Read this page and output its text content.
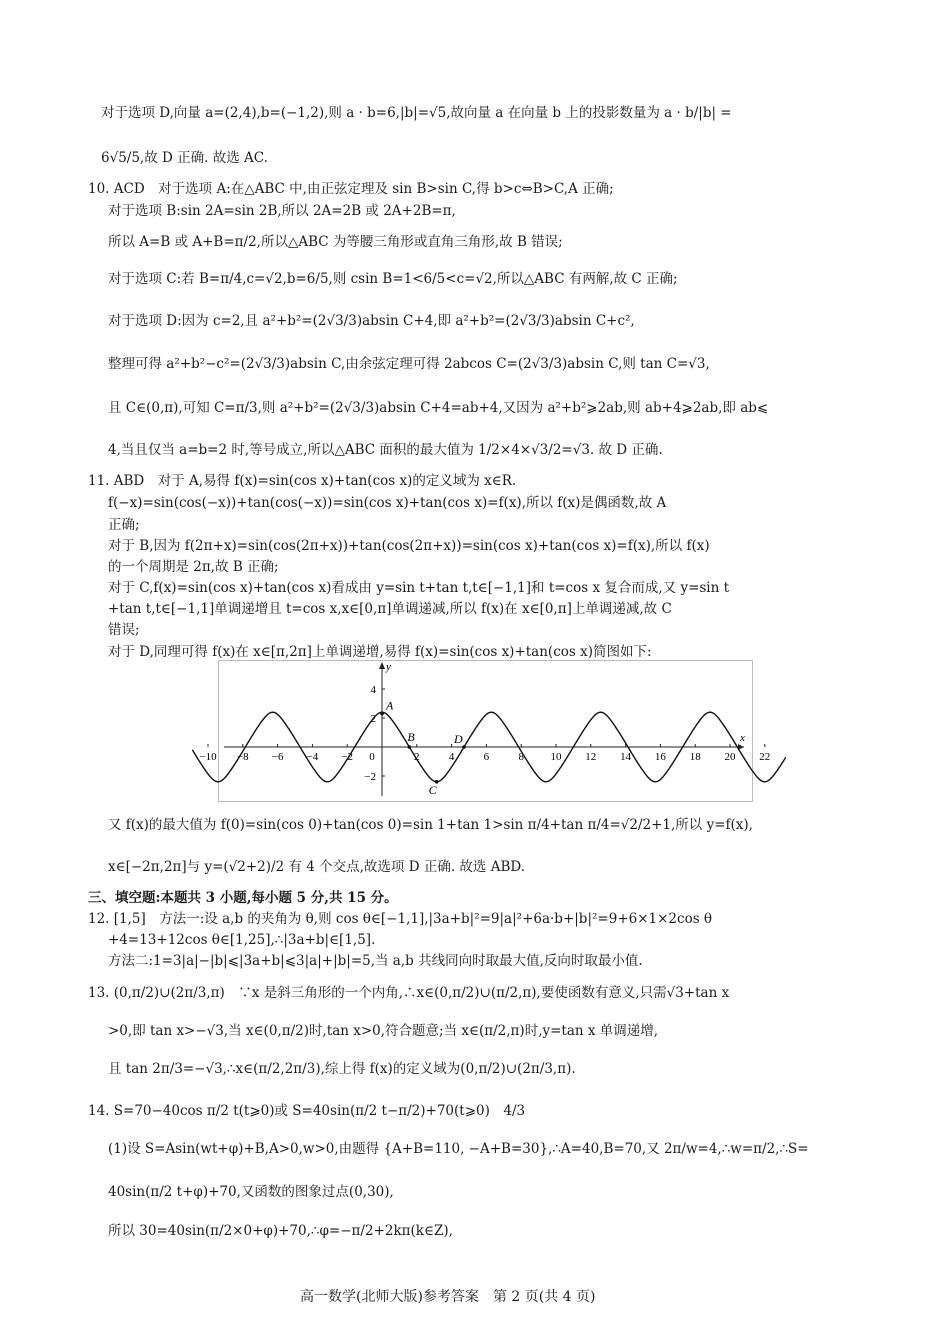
对于选项 D,向量 a=(2,4),b=(−1,2),则 a · b=6,|b|=√5,故向量 a 在向量 b 上的投影数量为 a · b/|b| =
6√5/5,故 D 正确. 故选 AC.
10. ACD　对于选项 A:在△ABC 中,由正弦定理及 sin B>sin C,得 b>c⇔B>C,A 正确;
对于选项 B:sin 2A=sin 2B,所以 2A=2B 或 2A+2B=π,
所以 A=B 或 A+B=π/2,所以△ABC 为等腰三角形或直角三角形,故 B 错误;
对于选项 C:若 B=π/4,c=√2,b=6/5,则 csin B=1<6/5<c=√2,所以△ABC 有两解,故 C 正确;
对于选项 D:因为 c=2,且 a²+b²=(2√3/3)absin C+4,即 a²+b²=(2√3/3)absin C+c²,
整理可得 a²+b²−c²=(2√3/3)absin C,由余弦定理可得 2abcos C=(2√3/3)absin C,则 tan C=√3,
且 C∈(0,π),可知 C=π/3,则 a²+b²=(2√3/3)absin C+4=ab+4,又因为 a²+b²⩾2ab,则 ab+4⩾2ab,即 ab⩽
4,当且仅当 a=b=2 时,等号成立,所以△ABC 面积的最大值为 1/2×4×√3/2=√3. 故 D 正确.
11. ABD　对于 A,易得 f(x)=sin(cos x)+tan(cos x)的定义域为 x∈R.
f(−x)=sin(cos(−x))+tan(cos(−x))=sin(cos x)+tan(cos x)=f(x),所以 f(x)是偶函数,故 A
正确;
对于 B,因为 f(2π+x)=sin(cos(2π+x))+tan(cos(2π+x))=sin(cos x)+tan(cos x)=f(x),所以 f(x)
的一个周期是 2π,故 B 正确;
对于 C,f(x)=sin(cos x)+tan(cos x)看成由 y=sin t+tan t,t∈[−1,1]和 t=cos x 复合而成,又 y=sin t
+tan t,t∈[−1,1]单调递增且 t=cos x,x∈[0,π]单调递减,所以 f(x)在 x∈[0,π]上单调递减,故 C
错误;
对于 D,同理可得 f(x)在 x∈[π,2π]上单调递增,易得 f(x)=sin(cos x)+tan(cos x)简图如下:
x
y
−10 −8 −6 −4 −2 0	2	4	6	8 10 12 14 16 18 20 22
4
2
−2
A
B
C
D
又 f(x)的最大值为 f(0)=sin(cos 0)+tan(cos 0)=sin 1+tan 1>sin π/4+tan π/4=√2/2+1,所以 y=f(x),
x∈[−2π,2π]与 y=(√2+2)/2 有 4 个交点,故选项 D 正确. 故选 ABD.
三、填空题:本题共 3 小题,每小题 5 分,共 15 分。
12. [1,5]　方法一:设 a,b 的夹角为 θ,则 cos θ∈[−1,1],|3a+b|²=9|a|²+6a·b+|b|²=9+6×1×2cos θ
+4=13+12cos θ∈[1,25],∴|3a+b|∈[1,5].
方法二:1=3|a|−|b|⩽|3a+b|⩽3|a|+|b|=5,当 a,b 共线同向时取最大值,反向时取最小值.
13. (0,π/2)∪(2π/3,π)　∵x 是斜三角形的一个内角,∴x∈(0,π/2)∪(π/2,π),要使函数有意义,只需√3+tan x
>0,即 tan x>−√3,当 x∈(0,π/2)时,tan x>0,符合题意;当 x∈(π/2,π)时,y=tan x 单调递增,
且 tan 2π/3=−√3,∴x∈(π/2,2π/3),综上得 f(x)的定义域为(0,π/2)∪(2π/3,π).
14. S=70−40cos π/2 t(t⩾0)或 S=40sin(π/2 t−π/2)+70(t⩾0)　4/3
(1)设 S=Asin(wt+φ)+B,A>0,w>0,由题得 {A+B=110, −A+B=30},∴A=40,B=70,又 2π/w=4,∴w=π/2,∴S=
40sin(π/2 t+φ)+70,又函数的图象过点(0,30),
所以 30=40sin(π/2×0+φ)+70,∴φ=−π/2+2kπ(k∈Z),
高一数学(北师大版)参考答案　第 2 页(共 4 页)
